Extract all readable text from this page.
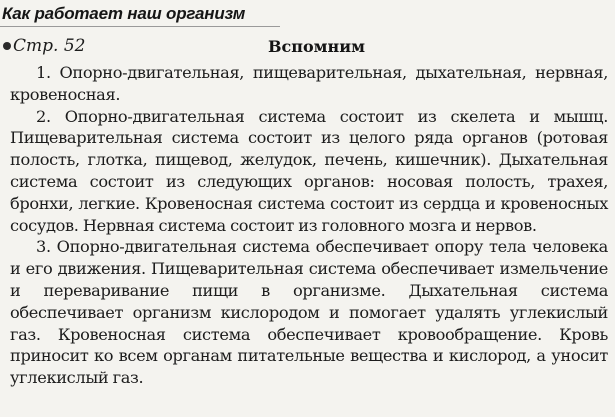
Как работает наш организм
Стр. 52	Вспомним

1. Опорно-двигательная, пищеварительная, дыхательная, нервная, кровеносная.

2. Опорно-двигательная система состоит из скелета и мышц. Пищеварительная система состоит из целого ряда органов (ротовая полость, глотка, пищевод, желудок, печень, кишечник). Дыхательная система состоит из следующих органов: носовая полость, трахея, бронхи, легкие. Кровеносная система состоит из сердца и кровеносных сосудов. Нервная система состоит из головного мозга и нервов.

3. Опорно-двигательная система обеспечивает опору тела человека и его движения. Пищеварительная система обеспечивает измельчение и переваривание пищи в организме. Дыхательная система обеспечивает организм кислородом и помогает удалять углекислый газ. Кровеносная система обеспечивает кровообращение. Кровь приносит ко всем органам питательные вещества и кислород, а уносит углекислый газ.
